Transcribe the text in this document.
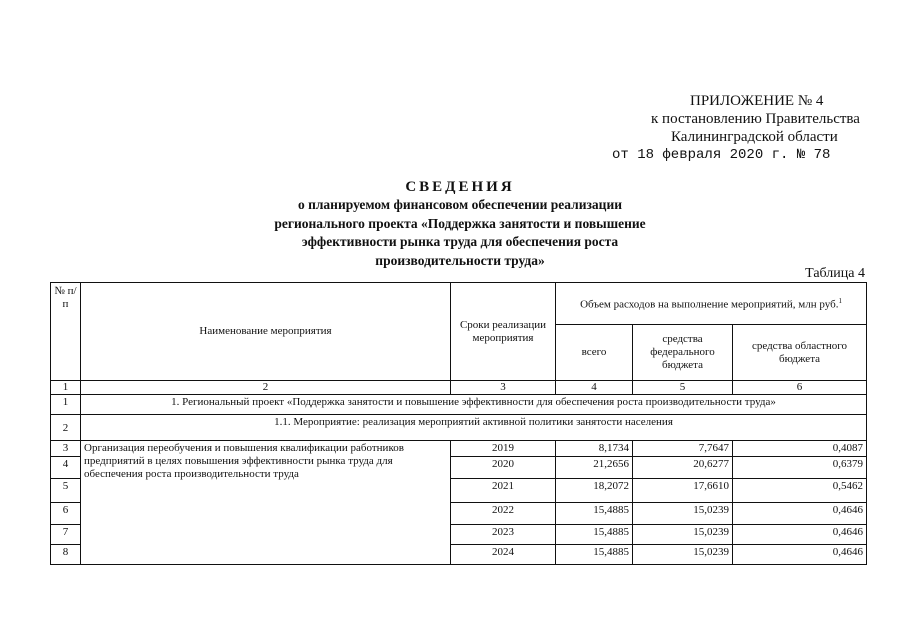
ПРИЛОЖЕНИЕ № 4
к постановлению Правительства
Калининградской области
от 18 февраля 2020 г. № 78
СВЕДЕНИЯ
о планируемом финансовом обеспечении реализации
регионального проекта «Поддержка занятости и повышение
эффективности рынка труда для обеспечения роста
производительности труда»
Таблица 4
№ п/п	Наименование мероприятия	Сроки реализации мероприятия	Объем расходов на выполнение мероприятий, млн руб.$^1$
			всего	средства федерального бюджета	средства областного бюджета
1	2	3	4	5	6
1	1. Региональный проект «Поддержка занятости и повышение эффективности для обеспечения роста производительности труда»				
2	1.1. Мероприятие: реализация мероприятий активной политики занятости населения				
3	Организация переобучения и повышения квалификации работников предприятий в целях повышения эффективности рынка труда для обеспечения роста производительности труда	2019	8,1734	7,7647	0,4087
4		2020	21,2656	20,6277	0,6379
5		2021	18,2072	17,6610	0,5462
6		2022	15,4885	15,0239	0,4646
7		2023	15,4885	15,0239	0,4646
8		2024	15,4885	15,0239	0,4646
